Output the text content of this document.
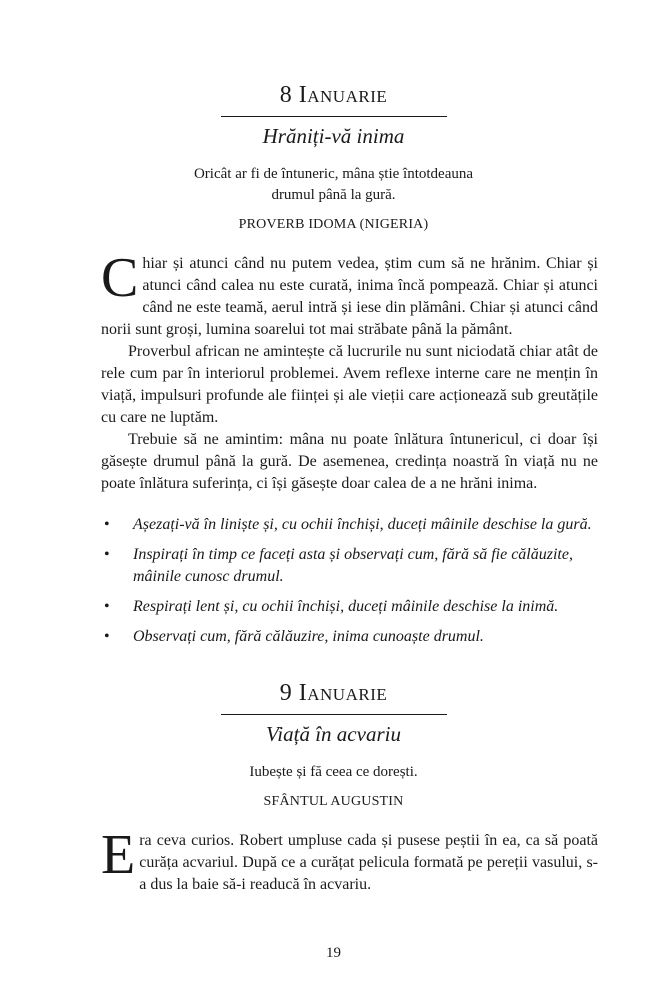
8 Ianuarie
Hrăniți-vă inima
Oricât ar fi de întuneric, mâna știe întotdeauna
drumul până la gură.
PROVERB IDOMA (NIGERIA)

Chiar și atunci când nu putem vedea, știm cum să ne hrănim. Chiar și atunci când calea nu este curată, inima încă pompează. Chiar și atunci când ne este teamă, aerul intră și iese din plămâni. Chiar și atunci când norii sunt groși, lumina soarelui tot mai străbate până la pământ.

Proverbul african ne amintește că lucrurile nu sunt niciodată chiar atât de rele cum par în interiorul problemei. Avem reflexe interne care ne mențin în viață, impulsuri profunde ale ființei și ale vieții care acționează sub greutățile cu care ne luptăm.

Trebuie să ne amintim: mâna nu poate înlătura întunericul, ci doar își găsește drumul până la gură. De asemenea, credința noastră în viață nu ne poate înlătura suferința, ci își găsește doar calea de a ne hrăni inima.

• Așezați-vă în liniște și, cu ochii închiși, duceți mâinile deschise la gură.
• Inspirați în timp ce faceți asta și observați cum, fără să fie călăuzite, mâinile cunosc drumul.
• Respirați lent și, cu ochii închiși, duceți mâinile deschise la inimă.
• Observați cum, fără călăuzire, inima cunoaște drumul.
9 Ianuarie
Viață în acvariu
Iubește și fă ceea ce dorești.
SFÂNTUL AUGUSTIN

Era ceva curios. Robert umpluse cada și pusese peștii în ea, ca să poată curăța acvariul. După ce a curățat pelicula formată pe pereții vasului, s-a dus la baie să-i readucă în acvariu.

19
